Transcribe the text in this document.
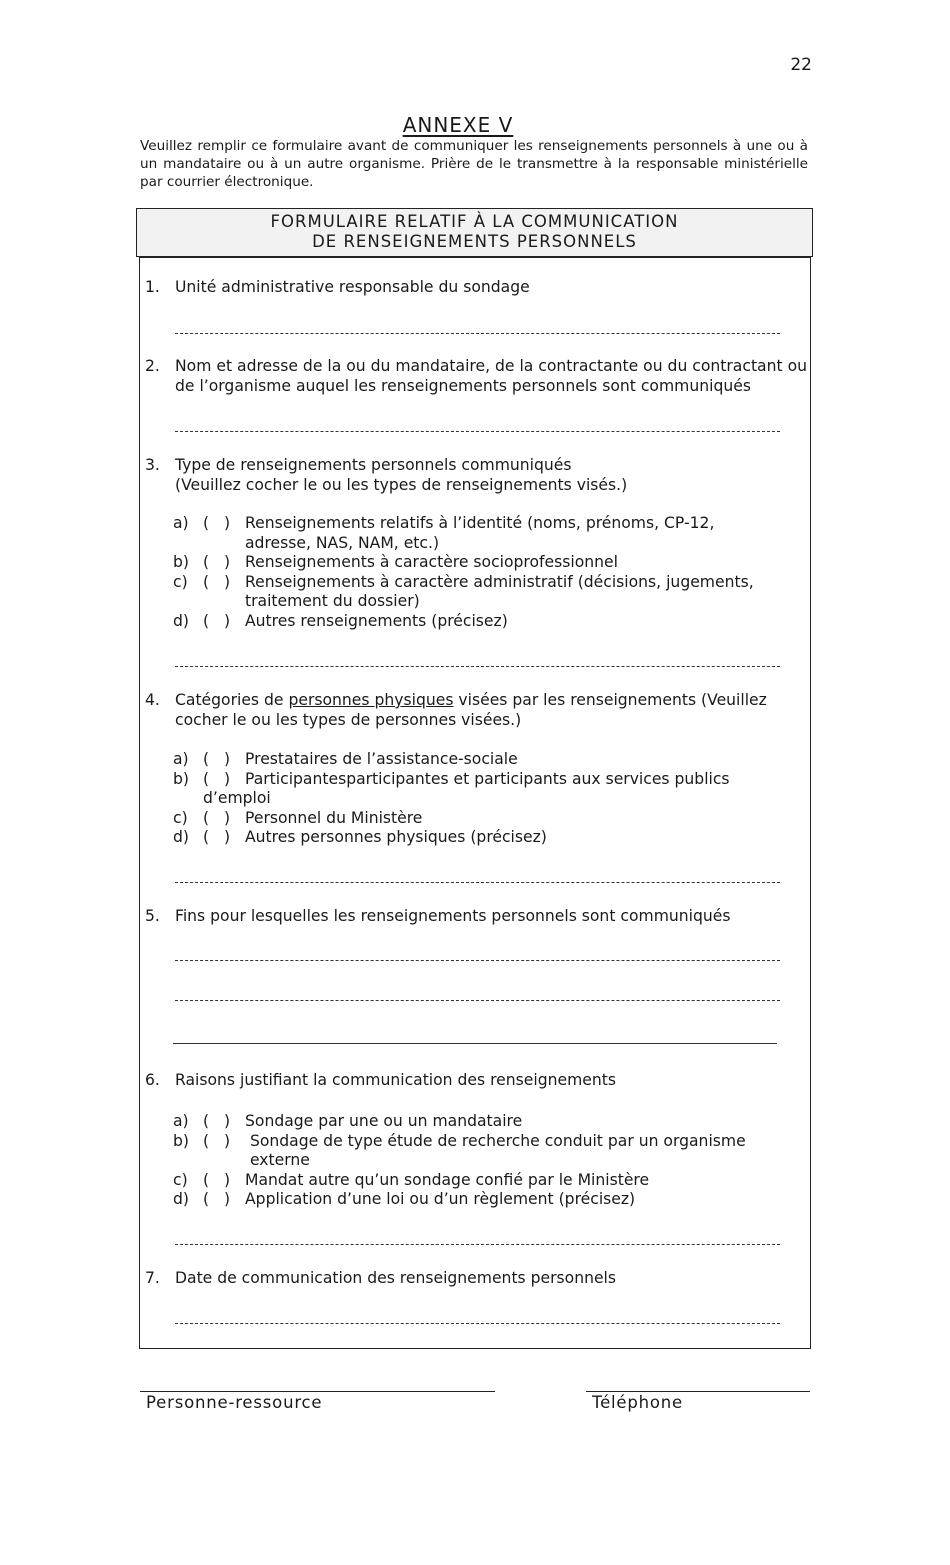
22
ANNEXE V
Veuillez remplir ce formulaire avant de communiquer les renseignements personnels à une ou à un mandataire ou à un autre organisme. Prière de le transmettre à la responsable ministérielle par courrier électronique.
FORMULAIRE RELATIF À LA COMMUNICATION
DE RENSEIGNEMENTS PERSONNELS
1. Unité administrative responsable du sondage
2. Nom et adresse de la ou du mandataire, de la contractante ou du contractant ou de l’organisme auquel les renseignements personnels sont communiqués
3. Type de renseignements personnels communiqués
(Veuillez cocher le ou les types de renseignements visés.)
a) (   ) Renseignements relatifs à l’identité (noms, prénoms, CP-12,
adresse, NAS, NAM, etc.)
b) (   ) Renseignements à caractère socioprofessionnel
c) (   ) Renseignements à caractère administratif (décisions, jugements,
traitement du dossier)
d) (   ) Autres renseignements (précisez)
4. Catégories de personnes physiques visées par les renseignements (Veuillez cocher le ou les types de personnes visées.)
a) (   ) Prestataires de l’assistance-sociale
b) (   ) Participantesparticipantes et participants aux services publics
d’emploi
c) (   ) Personnel du Ministère
d) (   ) Autres personnes physiques (précisez)
5. Fins pour lesquelles les renseignements personnels sont communiqués
6. Raisons justifiant la communication des renseignements
a) (   ) Sondage par une ou un mandataire
b) (   ) Sondage de type étude de recherche conduit par un organisme
externe
c) (   ) Mandat autre qu’un sondage confié par le Ministère
d) (   ) Application d’une loi ou d’un règlement (précisez)
7. Date de communication des renseignements personnels
Personne-ressource	Téléphone
